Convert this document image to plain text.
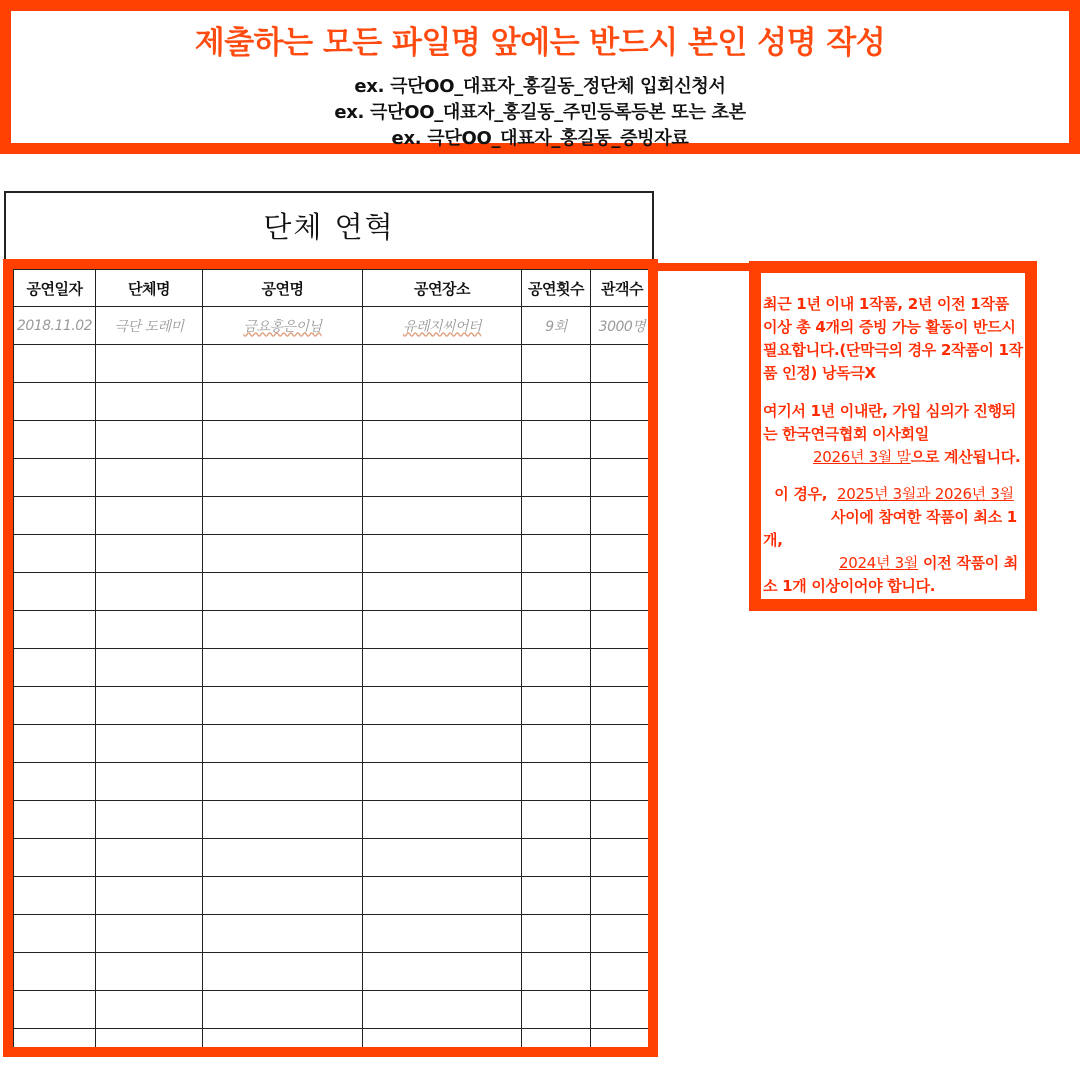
제출하는 모든 파일명 앞에는 반드시 본인 성명 작성
ex. 극단OO_대표자_홍길동_정단체 입회신청서
ex. 극단OO_대표자_홍길동_주민등록등본 또는 초본
ex. 극단OO_대표자_홍길동_증빙자료
단체 연혁
공연일자	단체명	공연명	공연장소	공연횟수	관객수
2018.11.02	극단 도레미	금요홍은이님	유레지씨어터	9회	3000명

최근 1년 이내 1작품, 2년 이전 1작품 이상 총 4개의 증빙 가능 활동이 반드시 필요합니다.(단막극의 경우 2작품이 1작품 인정) 낭독극X

여기서 1년 이내란, 가입 심의가 진행되는 한국연극협회 이사회일
2026년 3월 말으로 계산됩니다.

이 경우, 2025년 3월과 2026년 3월
사이에 참여한 작품이 최소 1개,
2024년 3월 이전 작품이 최소 1개 이상이어야 합니다.
